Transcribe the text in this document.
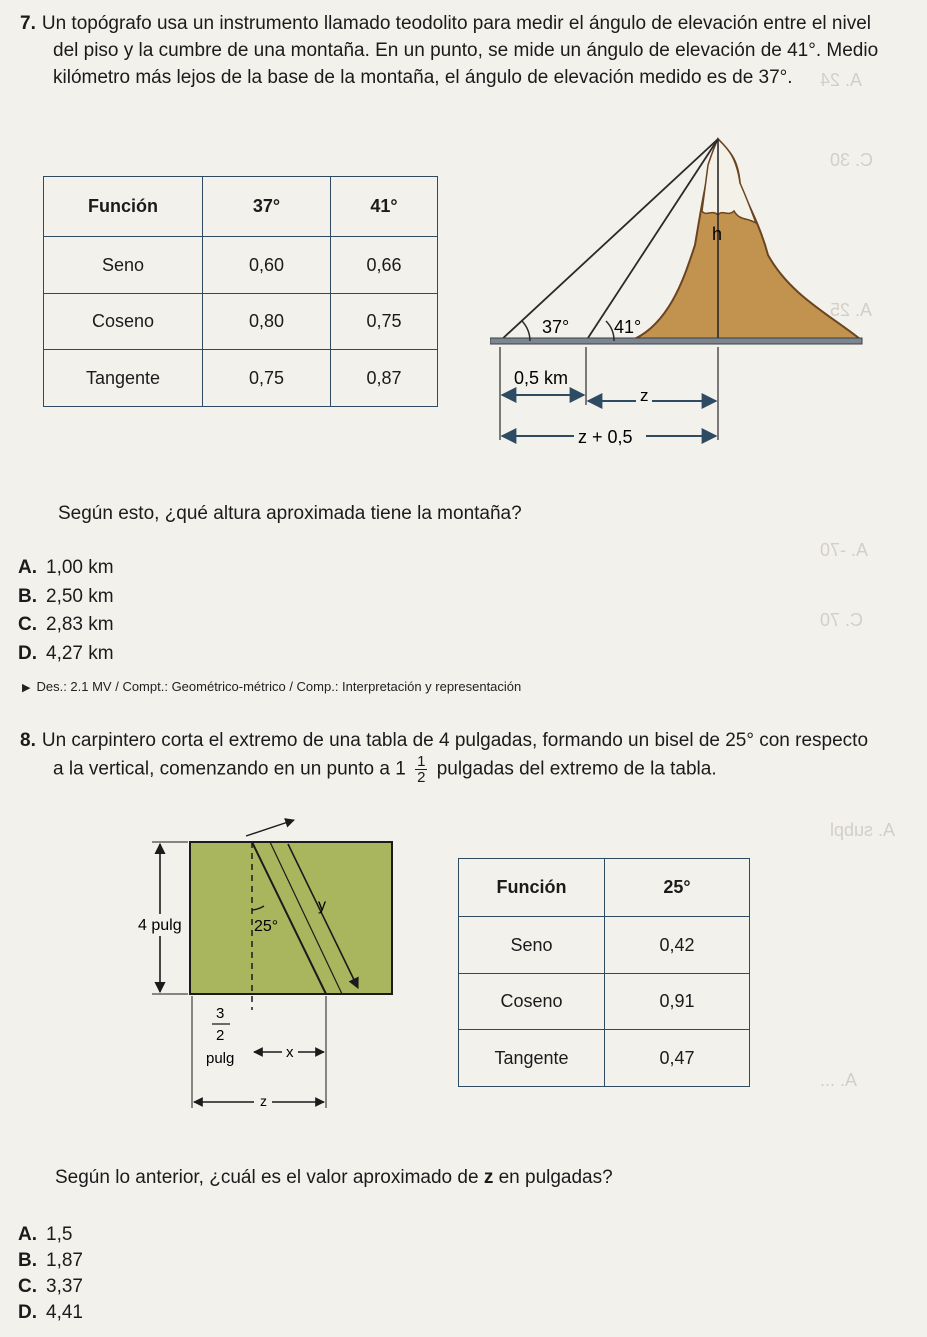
A. 24
C. 30
A. 25
A. -70
C. 70
A. subpl
A. ...
7. Un topógrafo usa un instrumento llamado teodolito para medir el ángulo de elevación entre el nivel
del piso y la cumbre de una montaña. En un punto, se mide un ángulo de elevación de 41°. Medio
kilómetro más lejos de la base de la montaña, el ángulo de elevación medido es de 37°.
Función	37°	41°
Seno	0,60	0,66
Coseno	0,80	0,75
Tangente	0,75	0,87
h
37° 41°
0,5 km
z
z + 0,5
Según esto, ¿qué altura aproximada tiene la montaña?
A. 1,00 km
B. 2,50 km
C. 2,83 km
D. 4,27 km
▶ Des.: 2.1 MV / Compt.: Geométrico-métrico / Comp.: Interpretación y representación
8. Un carpintero corta el extremo de una tabla de 4 pulgadas, formando un bisel de 25° con respecto
a la vertical, comenzando en un punto a $1 \frac{1}{2}$ pulgadas del extremo de la tabla.
y
25°
4 pulg
3
2
pulg	x
z
Función	25°
Seno	0,42
Coseno	0,91
Tangente	0,47
Según lo anterior, ¿cuál es el valor aproximado de z en pulgadas?
A. 1,5
B. 1,87
C. 3,37
D. 4,41
